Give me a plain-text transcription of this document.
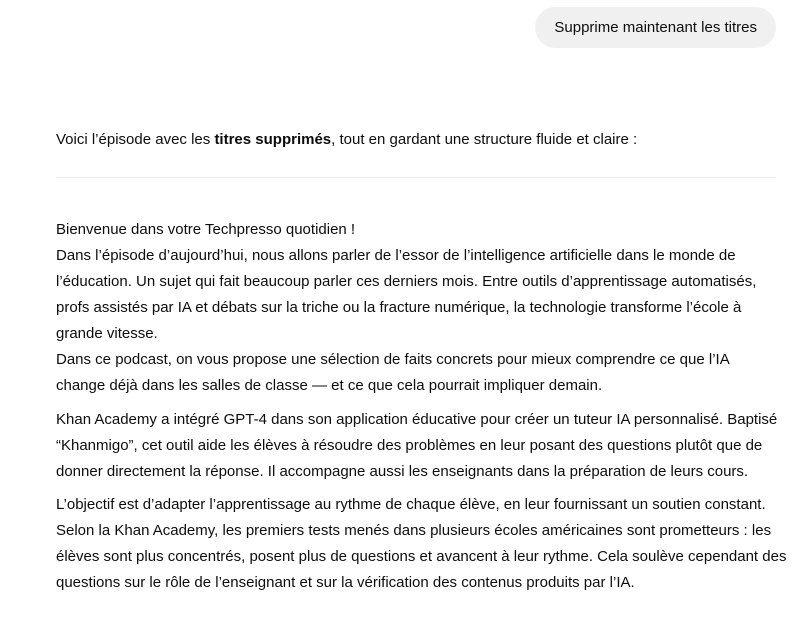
Supprime maintenant les titres

Voici l’épisode avec les titres supprimés, tout en gardant une structure fluide et claire :

Bienvenue dans votre Techpresso quotidien !
Dans l’épisode d’aujourd’hui, nous allons parler de l’essor de l’intelligence artificielle dans le monde de
l’éducation. Un sujet qui fait beaucoup parler ces derniers mois. Entre outils d’apprentissage automatisés,
profs assistés par IA et débats sur la triche ou la fracture numérique, la technologie transforme l’école à
grande vitesse.
Dans ce podcast, on vous propose une sélection de faits concrets pour mieux comprendre ce que l’IA
change déjà dans les salles de classe — et ce que cela pourrait impliquer demain.

Khan Academy a intégré GPT-4 dans son application éducative pour créer un tuteur IA personnalisé. Baptisé
“Khanmigo”, cet outil aide les élèves à résoudre des problèmes en leur posant des questions plutôt que de
donner directement la réponse. Il accompagne aussi les enseignants dans la préparation de leurs cours.

L’objectif est d’adapter l’apprentissage au rythme de chaque élève, en leur fournissant un soutien constant.
Selon la Khan Academy, les premiers tests menés dans plusieurs écoles américaines sont prometteurs : les
élèves sont plus concentrés, posent plus de questions et avancent à leur rythme. Cela soulève cependant des
questions sur le rôle de l’enseignant et sur la vérification des contenus produits par l’IA.
